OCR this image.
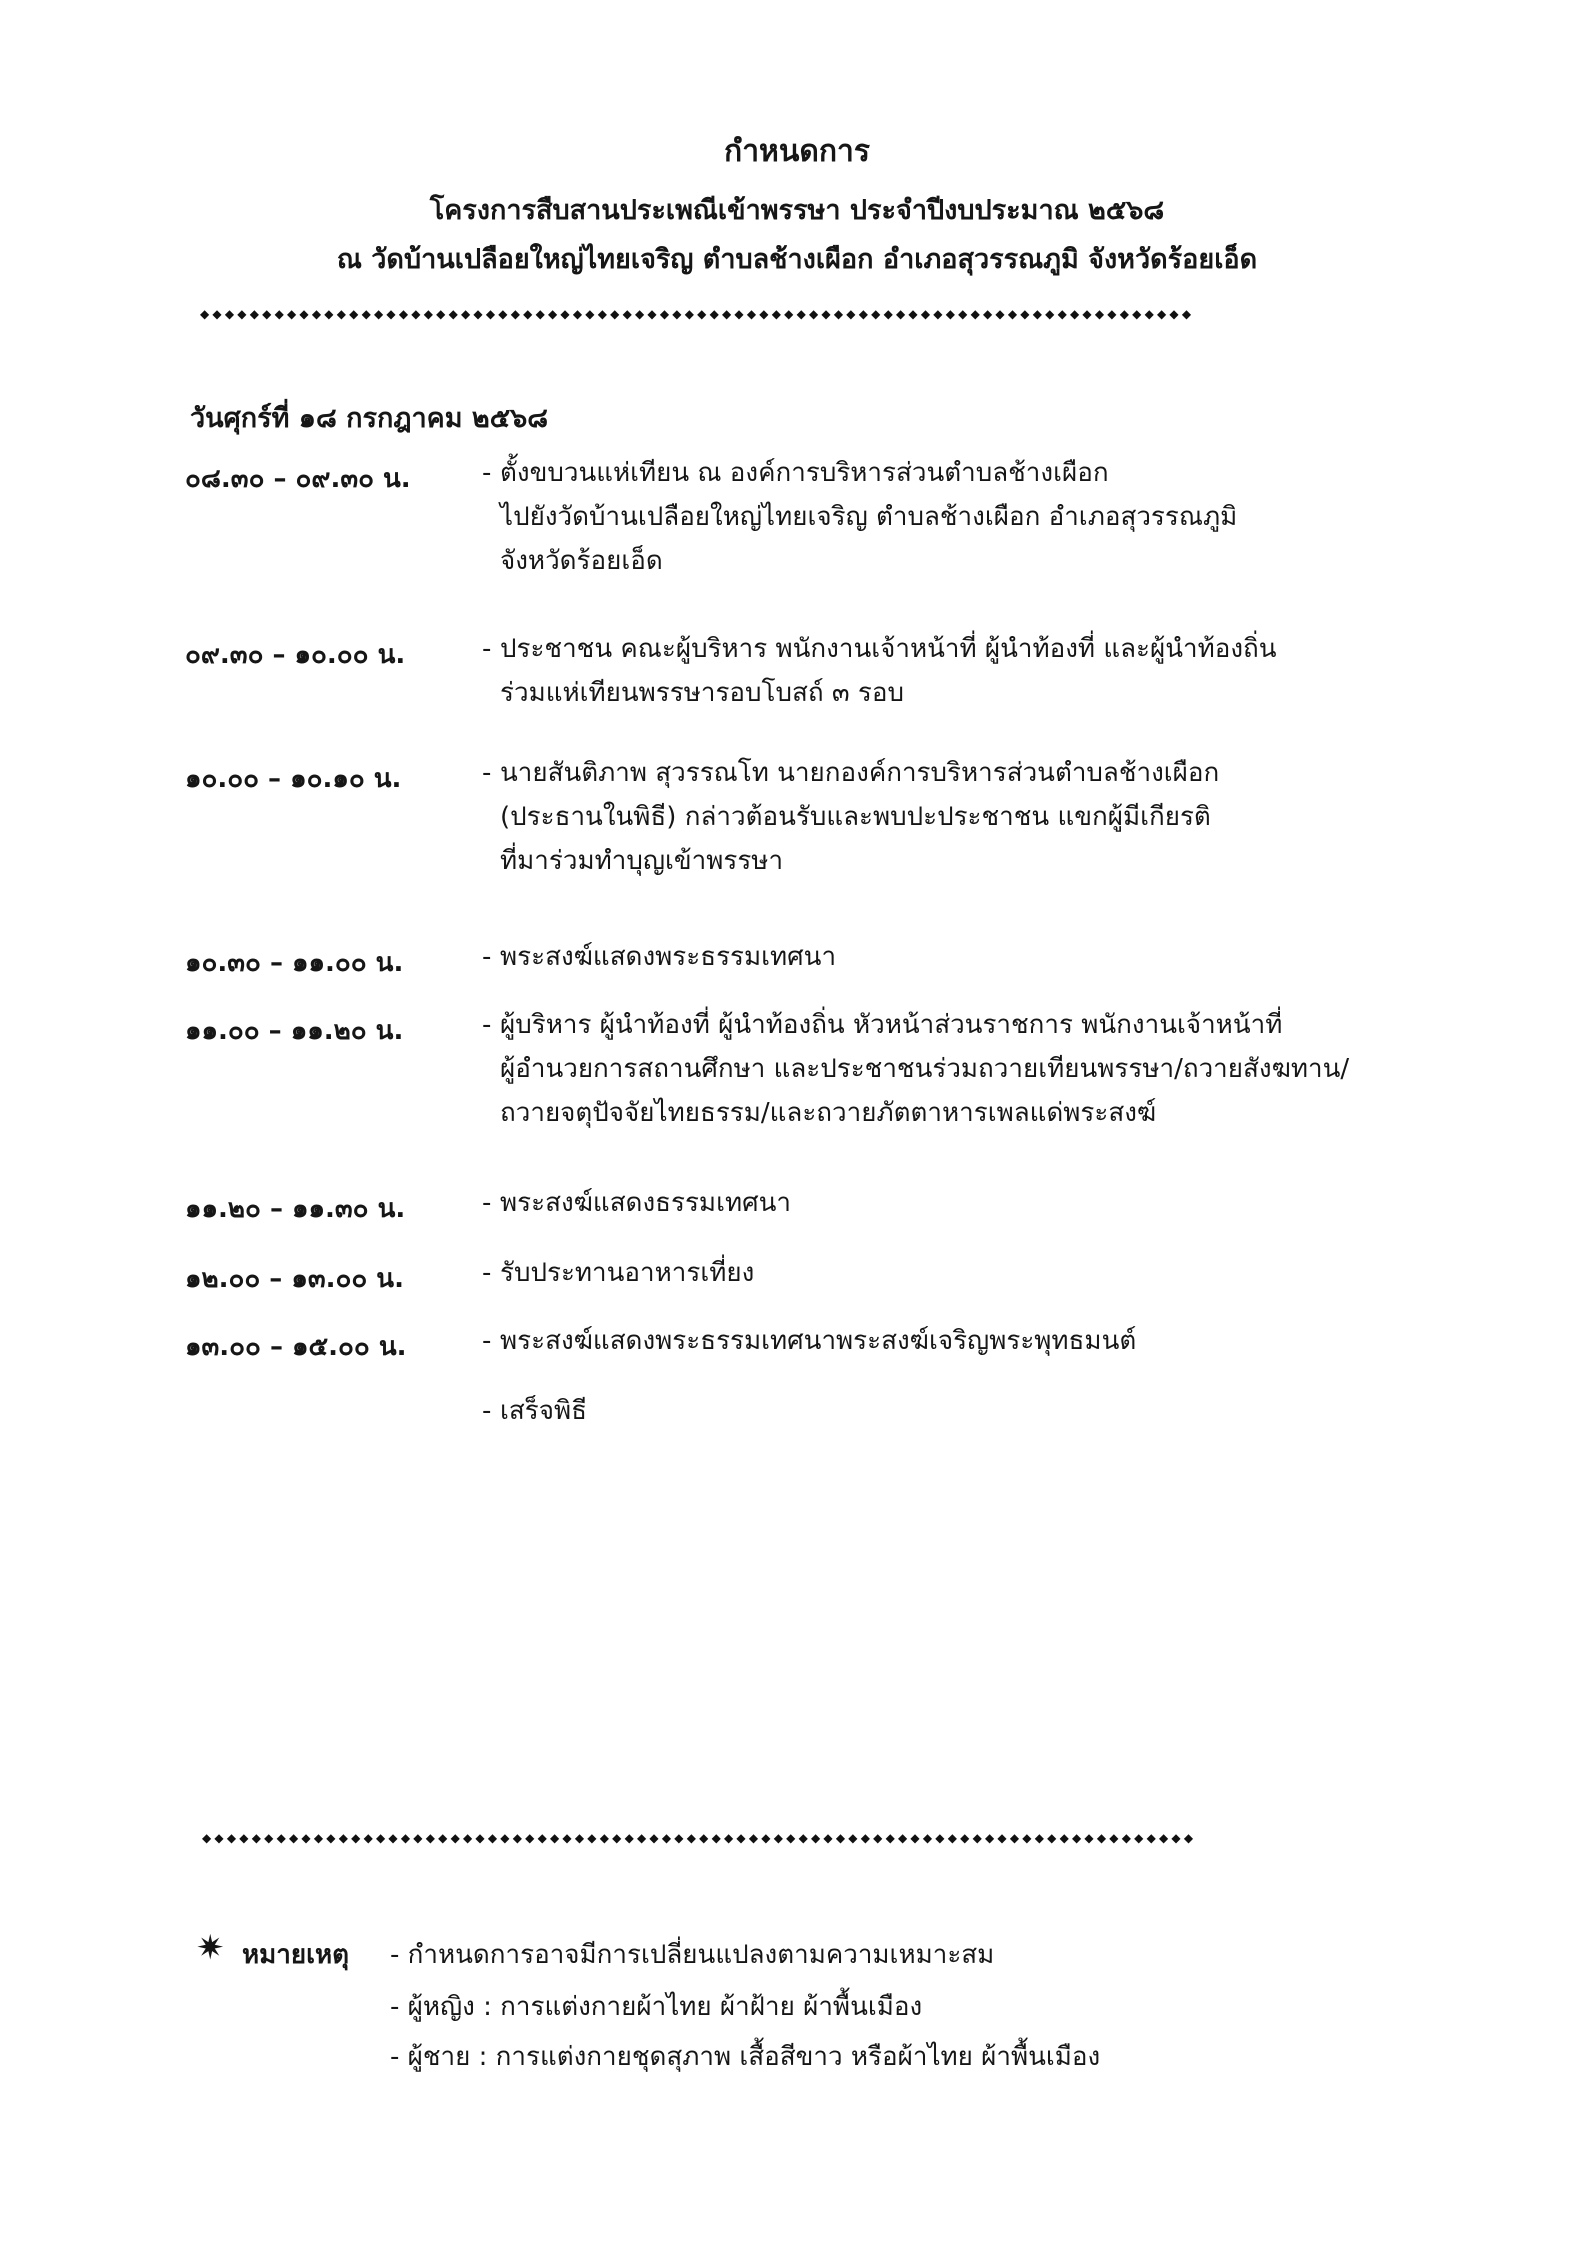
กำหนดการ
โครงการสืบสานประเพณีเข้าพรรษา ประจำปีงบประมาณ ๒๕๖๘
ณ วัดบ้านเปลือยใหญ่ไทยเจริญ ตำบลช้างเผือก อำเภอสุวรรณภูมิ จังหวัดร้อยเอ็ด
◆◆◆◆◆◆◆◆◆◆◆◆◆◆◆◆◆◆◆◆◆◆◆◆◆◆◆◆◆◆◆◆◆◆◆◆◆◆◆◆◆◆◆◆◆◆◆◆◆◆◆◆◆◆◆◆◆◆◆◆◆◆◆◆◆◆◆◆◆◆◆◆◆◆◆◆◆◆◆◆
วันศุกร์ที่ ๑๘ กรกฎาคม ๒๕๖๘
๐๘.๓๐ – ๐๙.๓๐ น.	- ตั้งขบวนแห่เทียน ณ องค์การบริหารส่วนตำบลช้างเผือก
ไปยังวัดบ้านเปลือยใหญ่ไทยเจริญ ตำบลช้างเผือก อำเภอสุวรรณภูมิ
จังหวัดร้อยเอ็ด
๐๙.๓๐ – ๑๐.๐๐ น.	- ประชาชน คณะผู้บริหาร พนักงานเจ้าหน้าที่ ผู้นำท้องที่ และผู้นำท้องถิ่น
ร่วมแห่เทียนพรรษารอบโบสถ์ ๓ รอบ
๑๐.๐๐ – ๑๐.๑๐ น.	- นายสันติภาพ สุวรรณโท นายกองค์การบริหารส่วนตำบลช้างเผือก
(ประธานในพิธี) กล่าวต้อนรับและพบปะประชาชน แขกผู้มีเกียรติ
ที่มาร่วมทำบุญเข้าพรรษา
๑๐.๓๐ – ๑๑.๐๐ น.	- พระสงฆ์แสดงพระธรรมเทศนา
๑๑.๐๐ – ๑๑.๒๐ น.	- ผู้บริหาร ผู้นำท้องที่ ผู้นำท้องถิ่น หัวหน้าส่วนราชการ พนักงานเจ้าหน้าที่
ผู้อำนวยการสถานศึกษา และประชาชนร่วมถวายเทียนพรรษา/ถวายสังฆทาน/
ถวายจตุปัจจัยไทยธรรม/และถวายภัตตาหารเพลแด่พระสงฆ์
๑๑.๒๐ – ๑๑.๓๐ น.	- พระสงฆ์แสดงธรรมเทศนา
๑๒.๐๐ – ๑๓.๐๐ น.	- รับประทานอาหารเที่ยง
๑๓.๐๐ – ๑๕.๐๐ น.	- พระสงฆ์แสดงพระธรรมเทศนาพระสงฆ์เจริญพระพุทธมนต์
- เสร็จพิธี
◆◆◆◆◆◆◆◆◆◆◆◆◆◆◆◆◆◆◆◆◆◆◆◆◆◆◆◆◆◆◆◆◆◆◆◆◆◆◆◆◆◆◆◆◆◆◆◆◆◆◆◆◆◆◆◆◆◆◆◆◆◆◆◆◆◆◆◆◆◆◆◆◆◆◆◆◆◆◆◆
✷ หมายเหตุ - กำหนดการอาจมีการเปลี่ยนแปลงตามความเหมาะสม
- ผู้หญิง : การแต่งกายผ้าไทย ผ้าฝ้าย ผ้าพื้นเมือง
- ผู้ชาย : การแต่งกายชุดสุภาพ เสื้อสีขาว หรือผ้าไทย ผ้าพื้นเมือง
